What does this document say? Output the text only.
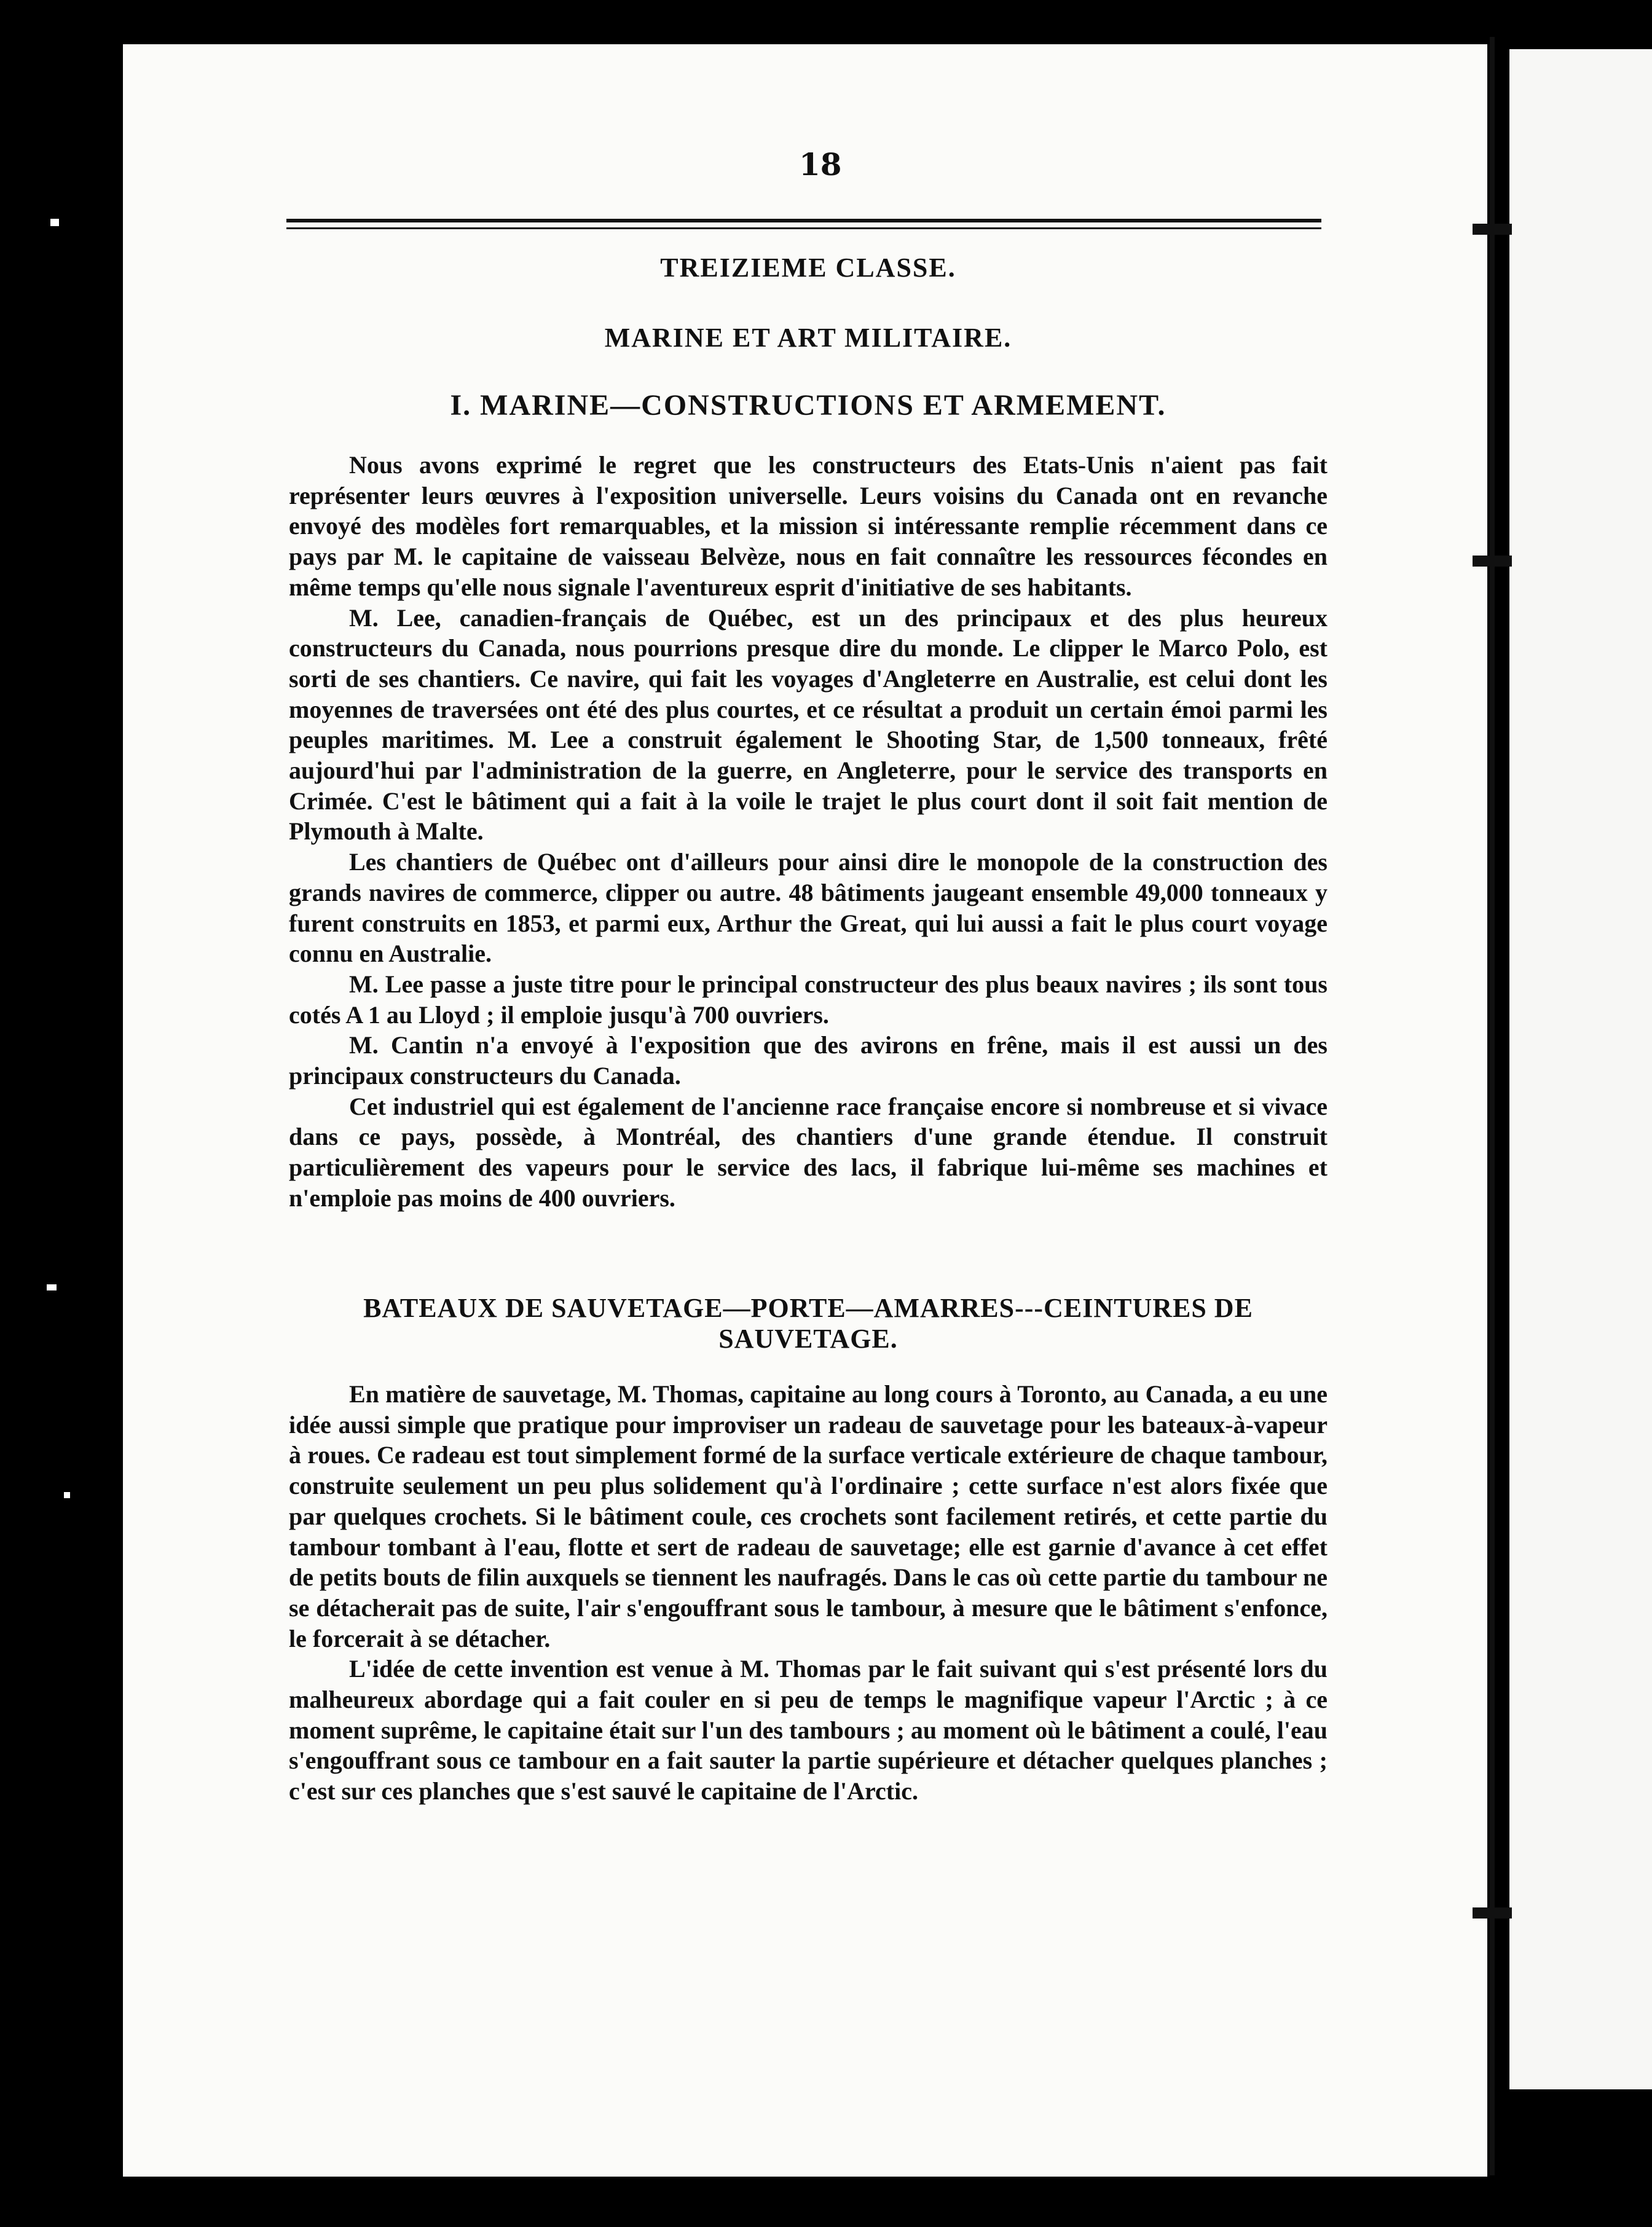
18
TREIZIEME CLASSE.
MARINE ET ART MILITAIRE.
I. MARINE—CONSTRUCTIONS ET ARMEMENT.

Nous avons exprimé le regret que les constructeurs des Etats-Unis n'aient pas fait représenter leurs œuvres à l'exposition universelle. Leurs voisins du Canada ont en revanche envoyé des modèles fort remarquables, et la mission si intéressante remplie récemment dans ce pays par M. le capitaine de vaisseau Belvèze, nous en fait connaître les ressources fécondes en même temps qu'elle nous signale l'aventureux esprit d'initiative de ses habitants.

M. Lee, canadien-français de Québec, est un des principaux et des plus heureux constructeurs du Canada, nous pourrions presque dire du monde. Le clipper le Marco Polo, est sorti de ses chantiers. Ce navire, qui fait les voyages d'Angleterre en Australie, est celui dont les moyennes de traversées ont été des plus courtes, et ce résultat a produit un certain émoi parmi les peuples maritimes. M. Lee a construit également le Shooting Star, de 1,500 tonneaux, frêté aujourd'hui par l'administration de la guerre, en Angleterre, pour le service des transports en Crimée. C'est le bâtiment qui a fait à la voile le trajet le plus court dont il soit fait mention de Plymouth à Malte.

Les chantiers de Québec ont d'ailleurs pour ainsi dire le monopole de la construction des grands navires de commerce, clipper ou autre. 48 bâtiments jaugeant ensemble 49,000 tonneaux y furent construits en 1853, et parmi eux, Arthur the Great, qui lui aussi a fait le plus court voyage connu en Australie.

M. Lee passe a juste titre pour le principal constructeur des plus beaux navires ; ils sont tous cotés A 1 au Lloyd ; il emploie jusqu'à 700 ouvriers.

M. Cantin n'a envoyé à l'exposition que des avirons en frêne, mais il est aussi un des principaux constructeurs du Canada.

Cet industriel qui est également de l'ancienne race française encore si nombreuse et si vivace dans ce pays, possède, à Montréal, des chantiers d'une grande étendue. Il construit particulièrement des vapeurs pour le service des lacs, il fabrique lui-même ses machines et n'emploie pas moins de 400 ouvriers.

BATEAUX DE SAUVETAGE—PORTE—AMARRES---CEINTURES DE SAUVETAGE.

En matière de sauvetage, M. Thomas, capitaine au long cours à Toronto, au Canada, a eu une idée aussi simple que pratique pour improviser un radeau de sauvetage pour les bateaux-à-vapeur à roues. Ce radeau est tout simplement formé de la surface verticale extérieure de chaque tambour, construite seulement un peu plus solidement qu'à l'ordinaire ; cette surface n'est alors fixée que par quelques crochets. Si le bâtiment coule, ces crochets sont facilement retirés, et cette partie du tambour tombant à l'eau, flotte et sert de radeau de sauvetage; elle est garnie d'avance à cet effet de petits bouts de filin auxquels se tiennent les naufragés. Dans le cas où cette partie du tambour ne se détacherait pas de suite, l'air s'engouffrant sous le tambour, à mesure que le bâtiment s'enfonce, le forcerait à se détacher.

L'idée de cette invention est venue à M. Thomas par le fait suivant qui s'est présenté lors du malheureux abordage qui a fait couler en si peu de temps le magnifique vapeur l'Arctic ; à ce moment suprême, le capitaine était sur l'un des tambours ; au moment où le bâtiment a coulé, l'eau s'engouffrant sous ce tambour en a fait sauter la partie supérieure et détacher quelques planches ; c'est sur ces planches que s'est sauvé le capitaine de l'Arctic.
